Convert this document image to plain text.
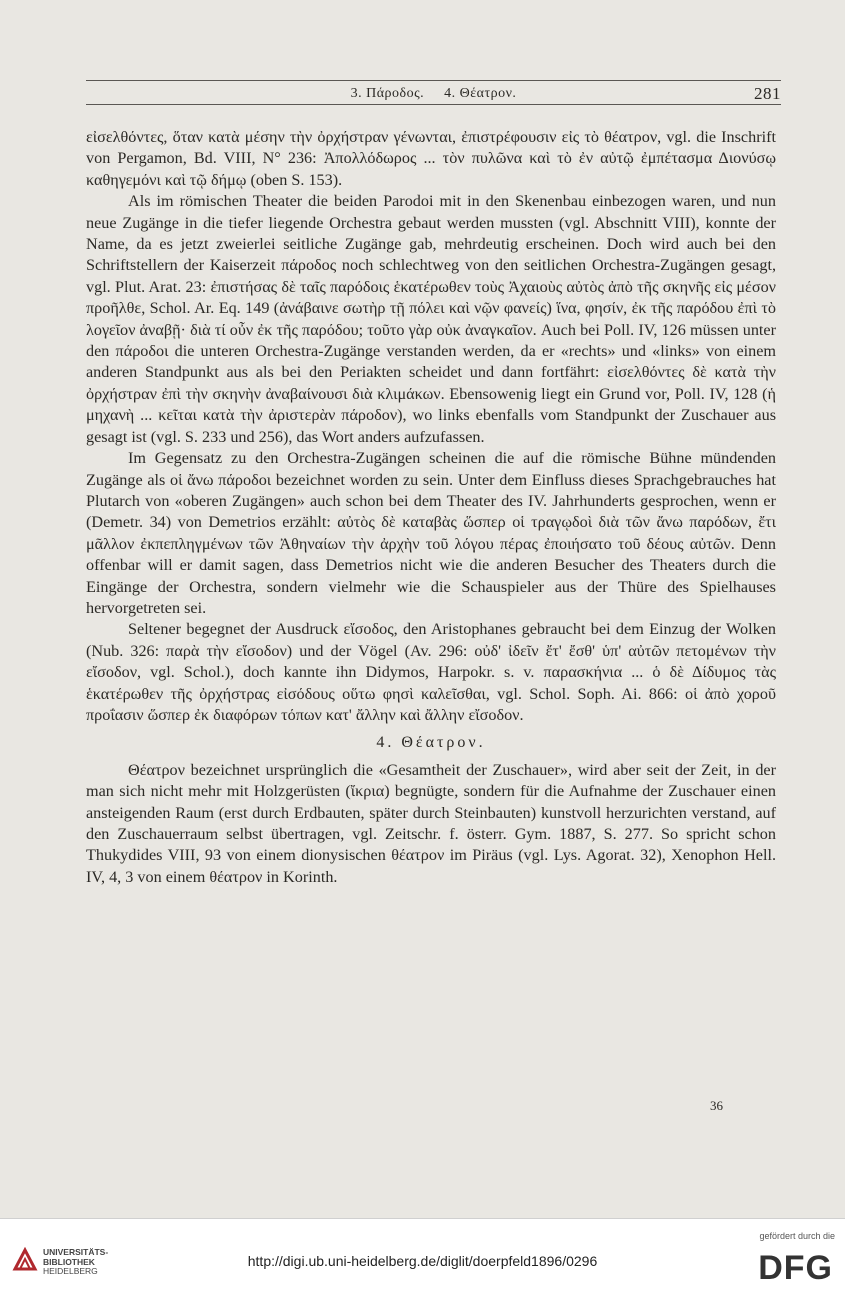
3. Πάροδος.     4. Θέατρον.	281

εἰσελθόντες, ὅταν κατὰ μέσην τὴν ὀρχήστραν γένωνται, ἐπιστρέφουσιν εἰς τὸ θέατρον, vgl. die Inschrift von Pergamon, Bd. VIII, N° 236: Ἀπολλόδωρος ... τὸν πυλῶνα καὶ τὸ ἐν αὐτῷ ἐμπέτασμα Διονύσῳ καθηγεμόνι καὶ τῷ δήμῳ (oben S. 153).

Als im römischen Theater die beiden Parodoi mit in den Skenenbau einbezogen waren, und nun neue Zugänge in die tiefer liegende Orchestra gebaut werden mussten (vgl. Abschnitt VIII), konnte der Name, da es jetzt zweierlei seitliche Zugänge gab, mehrdeutig erscheinen. Doch wird auch bei den Schriftstellern der Kaiserzeit πάροδος noch schlechtweg von den seitlichen Orchestra-Zugängen gesagt, vgl. Plut. Arat. 23: ἐπιστήσας δὲ ταῖς παρόδοις ἑκατέρωθεν τοὺς Ἀχαιοὺς αὐτὸς ἀπὸ τῆς σκηνῆς εἰς μέσον προῆλθε, Schol. Ar. Eq. 149 (ἀνάβαινε σωτὴρ τῇ πόλει καὶ νῷν φανείς) ἵνα, φησίν, ἐκ τῆς παρόδου ἐπὶ τὸ λογεῖον ἀναβῇ· διὰ τί οὖν ἐκ τῆς παρόδου; τοῦτο γὰρ οὐκ ἀναγκαῖον. Auch bei Poll. IV, 126 müssen unter den πάροδοι die unteren Orchestra-Zugänge verstanden werden, da er «rechts» und «links» von einem anderen Standpunkt aus als bei den Periakten scheidet und dann fortfährt: εἰσελθόντες δὲ κατὰ τὴν ὀρχήστραν ἐπὶ τὴν σκηνὴν ἀναβαίνουσι διὰ κλιμάκων. Ebensowenig liegt ein Grund vor, Poll. IV, 128 (ἡ μηχανὴ ... κεῖται κατὰ τὴν ἀριστερὰν πάροδον), wo links ebenfalls vom Standpunkt der Zuschauer aus gesagt ist (vgl. S. 233 und 256), das Wort anders aufzufassen.

Im Gegensatz zu den Orchestra-Zugängen scheinen die auf die römische Bühne mündenden Zugänge als οἱ ἄνω πάροδοι bezeichnet worden zu sein. Unter dem Einfluss dieses Sprachgebrauches hat Plutarch von «oberen Zugängen» auch schon bei dem Theater des IV. Jahrhunderts gesprochen, wenn er (Demetr. 34) von Demetrios erzählt: αὐτὸς δὲ καταβὰς ὥσπερ οἱ τραγῳδοὶ διὰ τῶν ἄνω παρόδων, ἔτι μᾶλλον ἐκπεπληγμένων τῶν Ἀθηναίων τὴν ἀρχὴν τοῦ λόγου πέρας ἐποιήσατο τοῦ δέους αὐτῶν. Denn offenbar will er damit sagen, dass Demetrios nicht wie die anderen Besucher des Theaters durch die Eingänge der Orchestra, sondern vielmehr wie die Schauspieler aus der Thüre des Spielhauses hervorgetreten sei.

Seltener begegnet der Ausdruck εἴσοδος, den Aristophanes gebraucht bei dem Einzug der Wolken (Nub. 326: παρὰ τὴν εἴσοδον) und der Vögel (Av. 296: οὐδ' ἰδεῖν ἔτ' ἔσθ' ὑπ' αὐτῶν πετομένων τὴν εἴσοδον, vgl. Schol.), doch kannte ihn Didymos, Harpokr. s. v. παρασκήνια ... ὁ δὲ Δίδυμος τὰς ἑκατέρωθεν τῆς ὀρχήστρας εἰσόδους οὕτω φησὶ καλεῖσθαι, vgl. Schol. Soph. Ai. 866: οἱ ἀπὸ χοροῦ προΐασιν ὥσπερ ἐκ διαφόρων τόπων κατ' ἄλλην καὶ ἄλλην εἴσοδον.

4. Θέατρον.

Θέατρον bezeichnet ursprünglich die «Gesamtheit der Zuschauer», wird aber seit der Zeit, in der man sich nicht mehr mit Holzgerüsten (ἴκρια) begnügte, sondern für die Aufnahme der Zuschauer einen ansteigenden Raum (erst durch Erdbauten, später durch Steinbauten) kunstvoll herzurichten verstand, auf den Zuschauerraum selbst übertragen, vgl. Zeitschr. f. österr. Gym. 1887, S. 277. So spricht schon Thukydides VIII, 93 von einem dionysischen θέατρον im Piräus (vgl. Lys. Agorat. 32), Xenophon Hell. IV, 4, 3 von einem θέατρον in Korinth.

36
UNIVERSITÄTS-
BIBLIOTHEK
HEIDELBERG
http://digi.ub.uni-heidelberg.de/diglit/doerpfeld1896/0296
gefördert durch die
DFG
